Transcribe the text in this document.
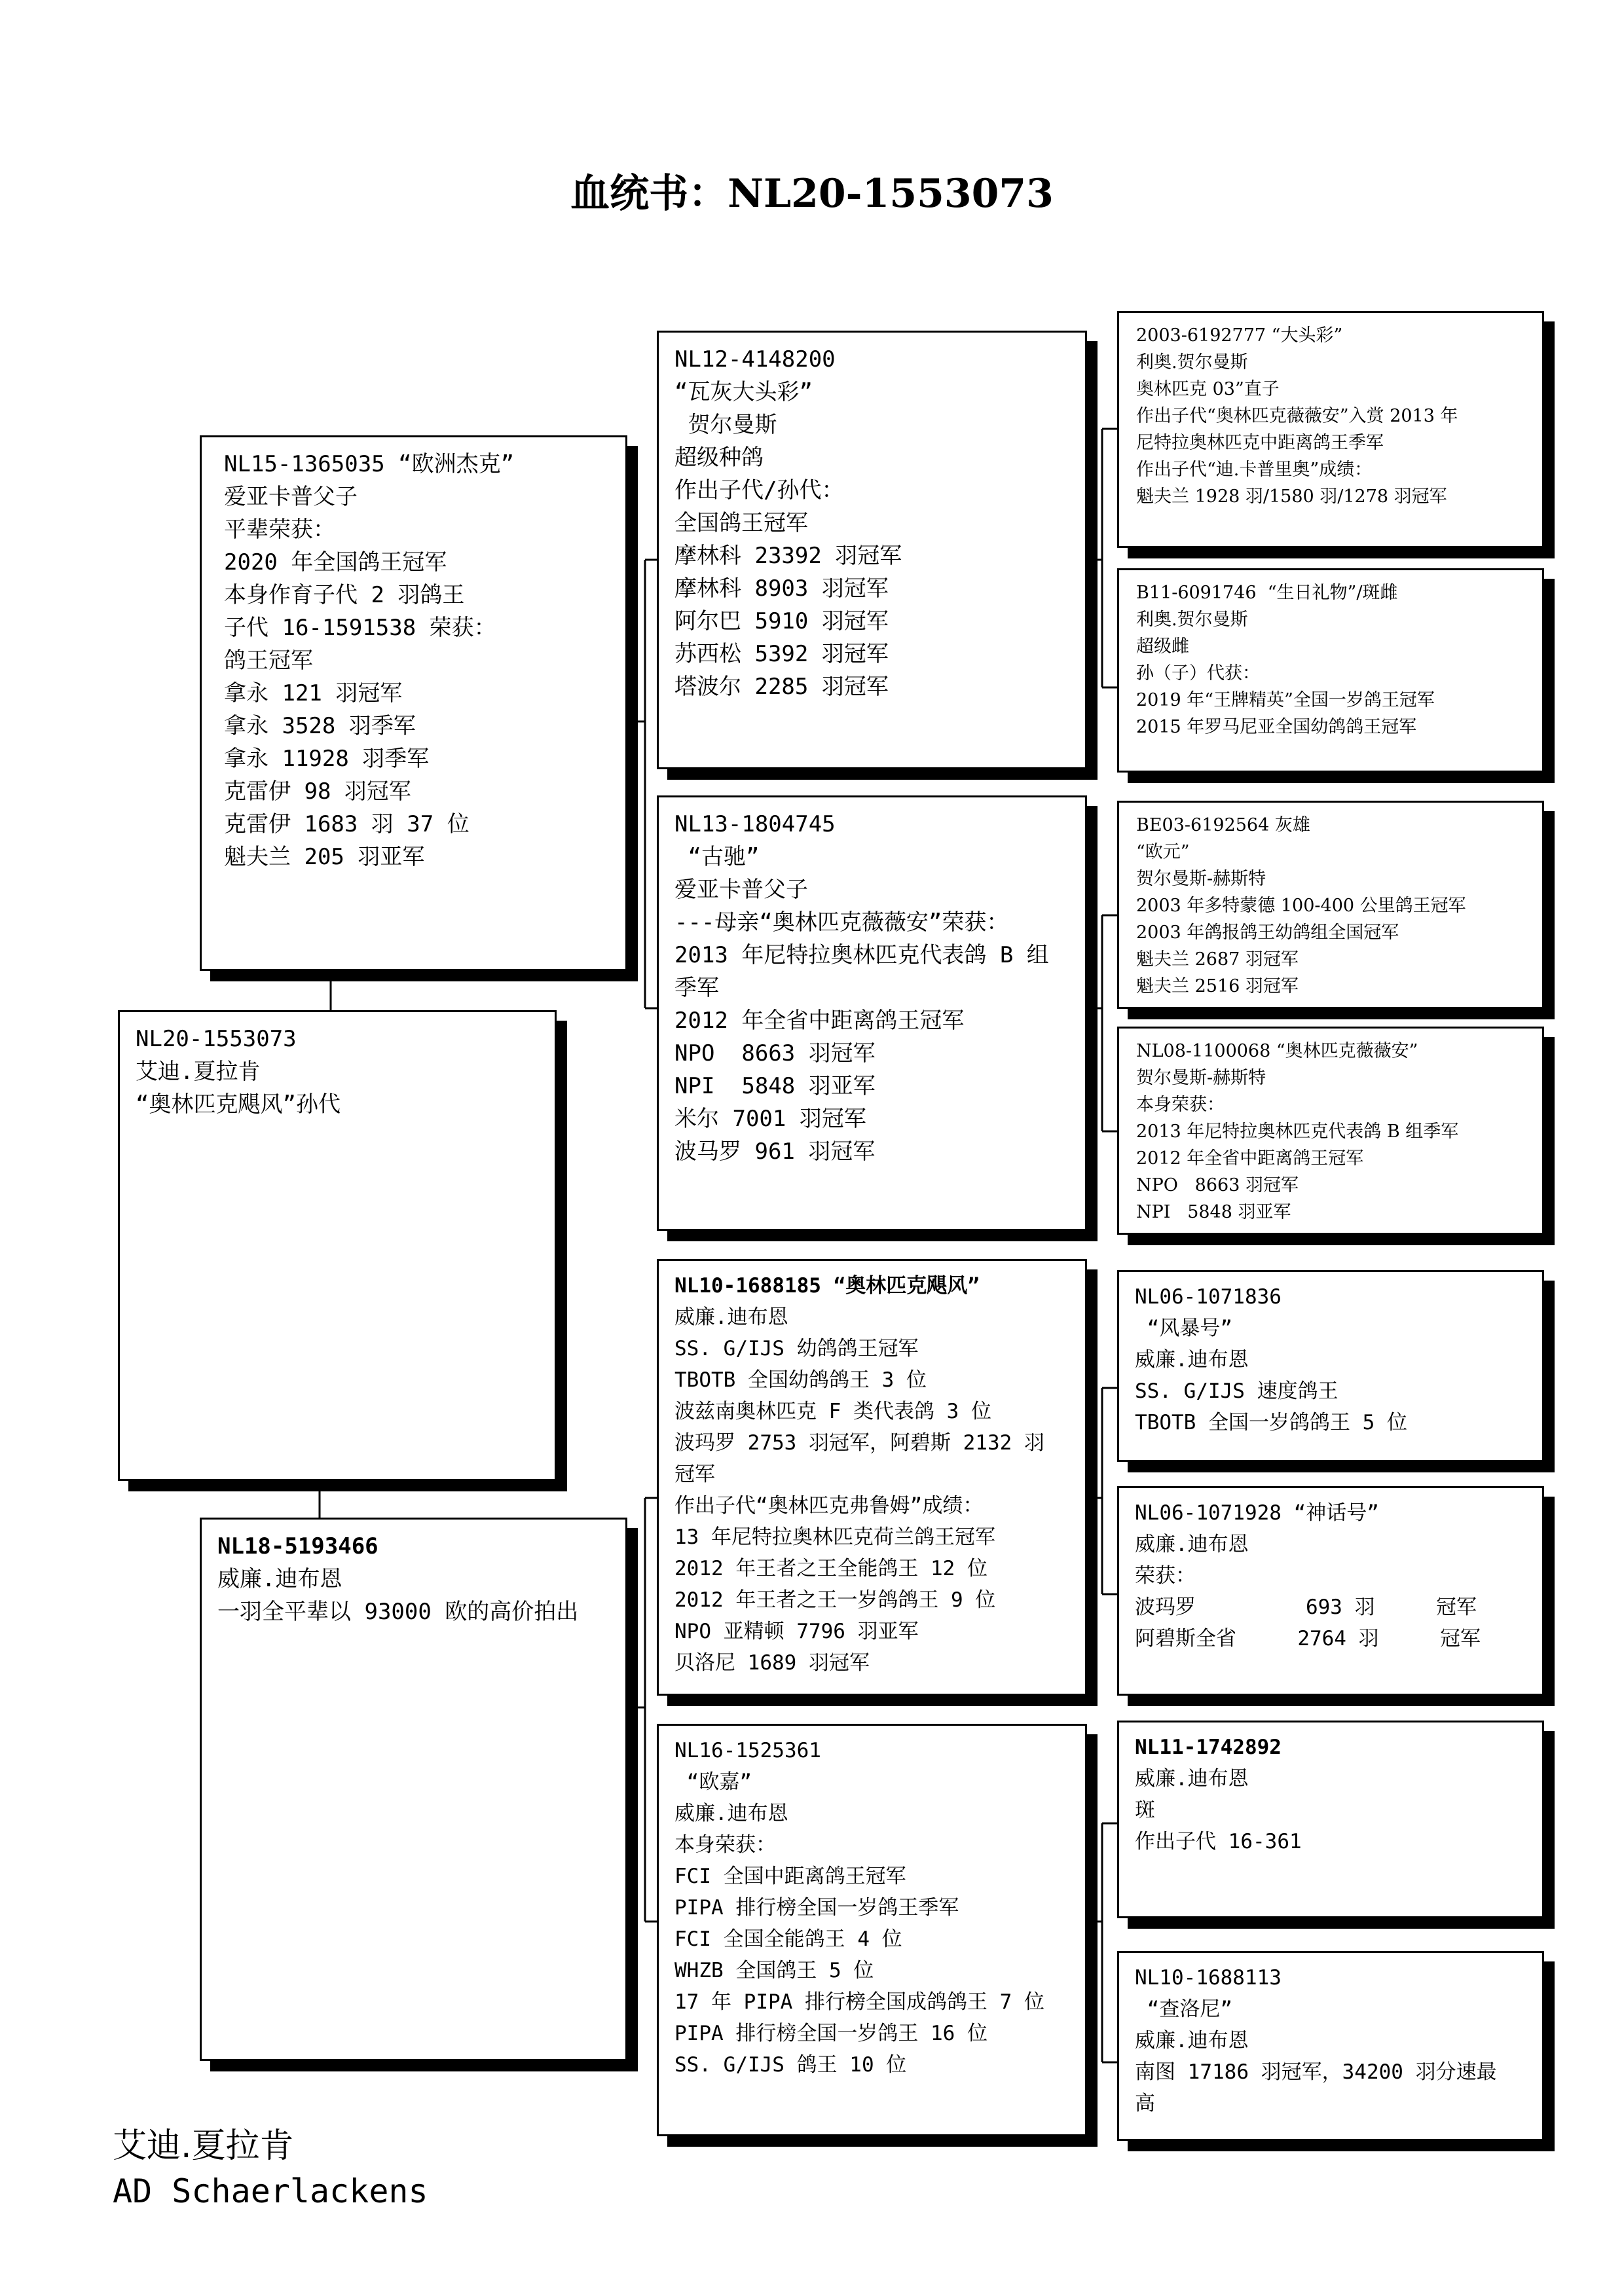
血统书：NL20-1553073
NL20-1553073
艾迪.夏拉肯
“奥林匹克飓风”孙代
NL15-1365035 “欧洲杰克”
爱亚卡普父子
平辈荣获：
2020 年全国鸽王冠军
本身作育子代 2 羽鸽王
子代 16-1591538 荣获：
鸽王冠军
拿永 121 羽冠军
拿永 3528 羽季军
拿永 11928 羽季军
克雷伊 98 羽冠军
克雷伊 1683 羽 37 位
魁夫兰 205 羽亚军
NL18-5193466
威廉.迪布恩
一羽全平辈以 93000 欧的高价拍出
NL12-4148200
“瓦灰大头彩”
贺尔曼斯
超级种鸽
作出子代/孙代：
全国鸽王冠军
摩林科 23392 羽冠军
摩林科 8903 羽冠军
阿尔巴 5910 羽冠军
苏西松 5392 羽冠军
塔波尔 2285 羽冠军
NL13-1804745
“古驰”
爱亚卡普父子
---母亲“奥林匹克薇薇安”荣获：
2013 年尼特拉奥林匹克代表鸽 B 组
季军
2012 年全省中距离鸽王冠军
NPO  8663 羽冠军
NPI  5848 羽亚军
米尔 7001 羽冠军
波马罗 961 羽冠军
NL10-1688185 “奥林匹克飓风”
威廉.迪布恩
SS. G/IJS 幼鸽鸽王冠军
TBOTB 全国幼鸽鸽王 3 位
波兹南奥林匹克 F 类代表鸽 3 位
波玛罗 2753 羽冠军，阿碧斯 2132 羽
冠军
作出子代“奥林匹克弗鲁姆”成绩：
13 年尼特拉奥林匹克荷兰鸽王冠军
2012 年王者之王全能鸽王 12 位
2012 年王者之王一岁鸽鸽王 9 位
NPO 亚精顿 7796 羽亚军
贝洛尼 1689 羽冠军
NL16-1525361
“欧嘉”
威廉.迪布恩
本身荣获：
FCI 全国中距离鸽王冠军
PIPA 排行榜全国一岁鸽王季军
FCI 全国全能鸽王 4 位
WHZB 全国鸽王 5 位
17 年 PIPA 排行榜全国成鸽鸽王 7 位
PIPA 排行榜全国一岁鸽王 16 位
SS. G/IJS 鸽王 10 位
2003-6192777 “大头彩”
利奥.贺尔曼斯
奥林匹克 03”直子
作出子代“奥林匹克薇薇安”入赏 2013 年
尼特拉奥林匹克中距离鸽王季军
作出子代“迪.卡普里奥”成绩：
魁夫兰 1928 羽/1580 羽/1278 羽冠军
B11-6091746  “生日礼物”/斑雌
利奥.贺尔曼斯
超级雌
孙（子）代获：
2019 年“王牌精英”全国一岁鸽王冠军
2015 年罗马尼亚全国幼鸽鸽王冠军
BE03-6192564 灰雄
“欧元”
贺尔曼斯-赫斯特
2003 年多特蒙德 100-400 公里鸽王冠军
2003 年鸽报鸽王幼鸽组全国冠军
魁夫兰 2687 羽冠军
魁夫兰 2516 羽冠军
NL08-1100068 “奥林匹克薇薇安”
贺尔曼斯-赫斯特
本身荣获：
2013 年尼特拉奥林匹克代表鸽 B 组季军
2012 年全省中距离鸽王冠军
NPO   8663 羽冠军
NPI   5848 羽亚军
NL06-1071836
“风暴号”
威廉.迪布恩
SS. G/IJS 速度鸽王
TBOTB 全国一岁鸽鸽王 5 位
NL06-1071928 “神话号”
威廉.迪布恩
荣获：
波玛罗         693 羽     冠军
阿碧斯全省     2764 羽     冠军
NL11-1742892
威廉.迪布恩
斑
作出子代 16-361
NL10-1688113
“查洛尼”
威廉.迪布恩
南图 17186 羽冠军，34200 羽分速最
高
艾迪.夏拉肯
AD Schaerlackens
